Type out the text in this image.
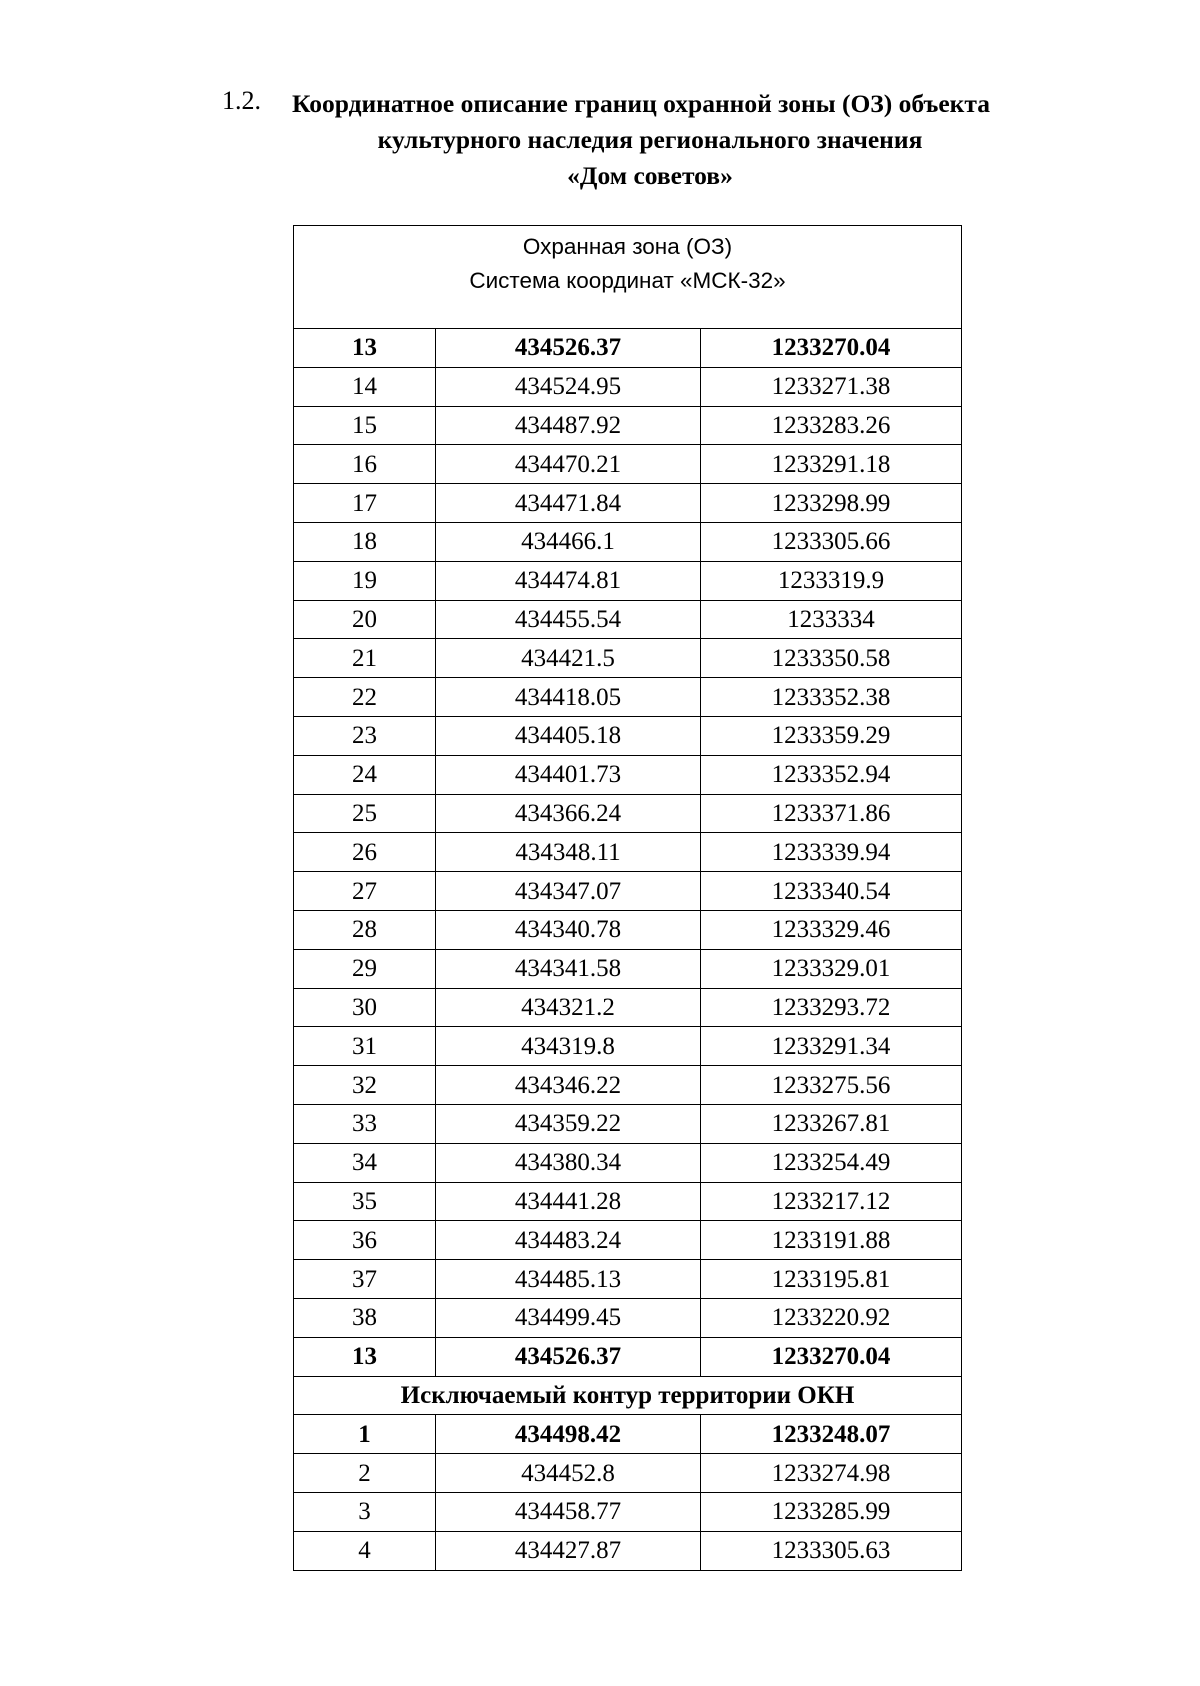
1.2. Координатное описание границ охранной зоны (ОЗ) объекта
культурного наследия регионального значения
«Дом советов»
Охранная зона (ОЗ)
Система координат «МСК-32»		

13	434526.37	1233270.04
14	434524.95	1233271.38
15	434487.92	1233283.26
16	434470.21	1233291.18
17	434471.84	1233298.99
18	434466.1	1233305.66
19	434474.81	1233319.9
20	434455.54	1233334
21	434421.5	1233350.58
22	434418.05	1233352.38
23	434405.18	1233359.29
24	434401.73	1233352.94
25	434366.24	1233371.86
26	434348.11	1233339.94
27	434347.07	1233340.54
28	434340.78	1233329.46
29	434341.58	1233329.01
30	434321.2	1233293.72
31	434319.8	1233291.34
32	434346.22	1233275.56
33	434359.22	1233267.81
34	434380.34	1233254.49
35	434441.28	1233217.12
36	434483.24	1233191.88
37	434485.13	1233195.81
38	434499.45	1233220.92
13	434526.37	1233270.04
Исключаемый контур территории ОКН		
1	434498.42	1233248.07
2	434452.8	1233274.98
3	434458.77	1233285.99
4	434427.87	1233305.63
